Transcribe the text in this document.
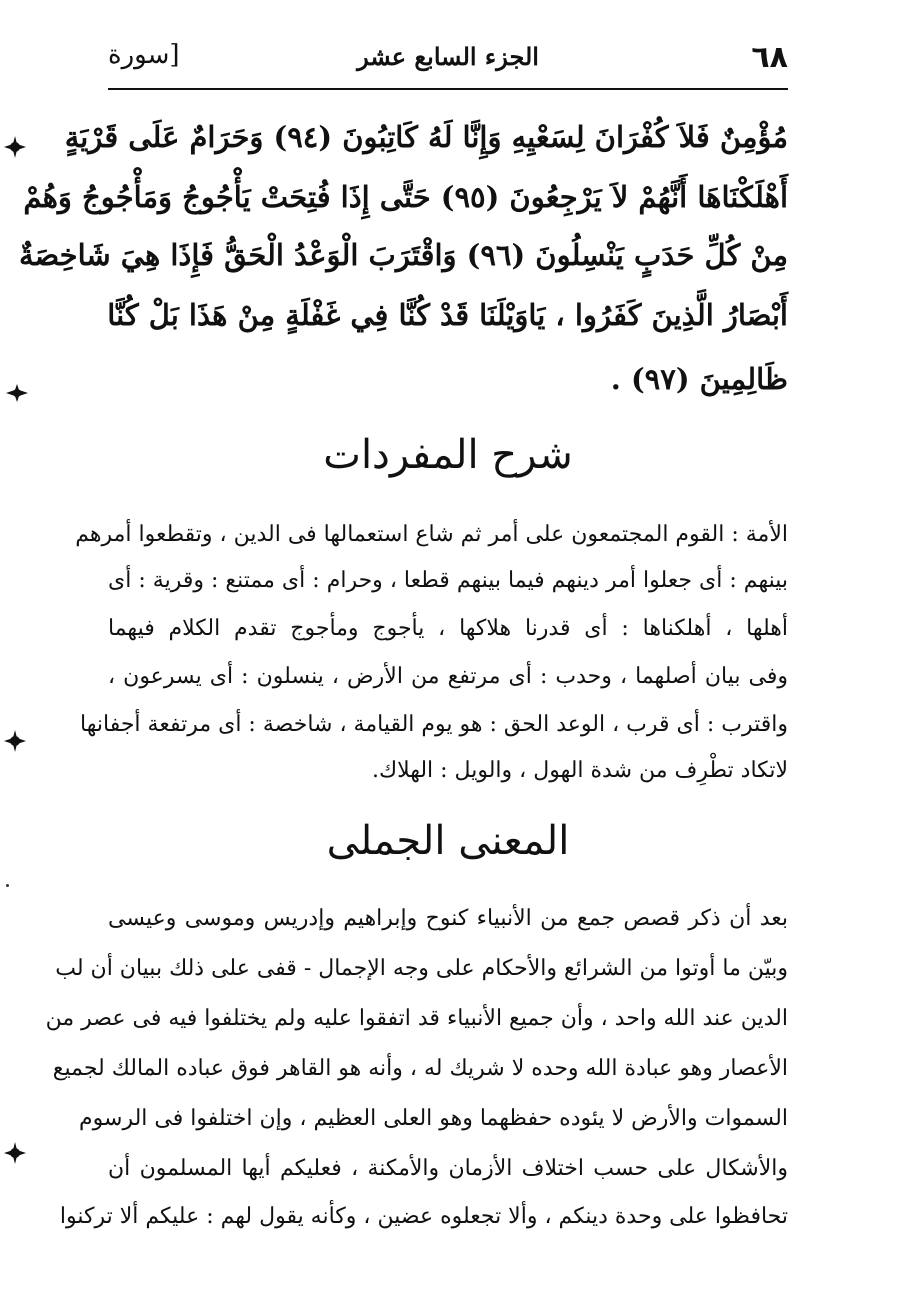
٦٨
الجزء السابع عشر
[سورة
مُؤْمِنٌ فَلاَ كُفْرَانَ لِسَعْيِهِ وَإِنَّا لَهُ كَاتِبُونَ (٩٤) وَحَرَامٌ عَلَى قَرْيَةٍ
أَهْلَكْنَاهَا أَنَّهُمْ لاَ يَرْجِعُونَ (٩٥) حَتَّى إِذَا فُتِحَتْ يَأْجُوجُ وَمَأْجُوجُ وَهُمْ
مِنْ كُلِّ حَدَبٍ يَنْسِلُونَ (٩٦) وَاقْتَرَبَ الْوَعْدُ الْحَقُّ فَإِذَا هِيَ شَاخِصَةٌ
أَبْصَارُ الَّذِينَ كَفَرُوا ، يَاوَيْلَنَا قَدْ كُنَّا فِي غَفْلَةٍ مِنْ هَذَا بَلْ كُنَّا
ظَالِمِينَ (٩٧) .
شرح المفردات
الأمة : القوم المجتمعون على أمر ثم شاع استعمالها فى الدين ، وتقطعوا أمرهم
بينهم : أى جعلوا أمر دينهم فيما بينهم قطعا ، وحرام : أى ممتنع : وقرية : أى
أهلها ، أهلكناها : أى قدرنا هلاكها ، يأجوج ومأجوج تقدم الكلام فيهما
وفى بيان أصلهما ، وحدب : أى مرتفع من الأرض ، ينسلون : أى يسرعون ،
واقترب : أى قرب ، الوعد الحق : هو يوم القيامة ، شاخصة : أى مرتفعة أجفانها
لاتكاد تطْرِف من شدة الهول ، والويل : الهلاك.
المعنى الجملى
بعد أن ذكر قصص جمع من الأنبياء كنوح وإبراهيم وإدريس وموسى وعيسى
وبيّن ما أوتوا من الشرائع والأحكام على وجه الإجمال - قفى على ذلك ببيان أن لب
الدين عند الله واحد ، وأن جميع الأنبياء قد اتفقوا عليه ولم يختلفوا فيه فى عصر من
الأعصار وهو عبادة الله وحده لا شريك له ، وأنه هو القاهر فوق عباده المالك لجميع
السموات والأرض لا يئوده حفظهما وهو العلى العظيم ، وإن اختلفوا فى الرسوم
والأشكال على حسب اختلاف الأزمان والأمكنة ، فعليكم أيها المسلمون أن
تحافظوا على وحدة دينكم ، وألا تجعلوه عضين ، وكأنه يقول لهم : عليكم ألا تركنوا
